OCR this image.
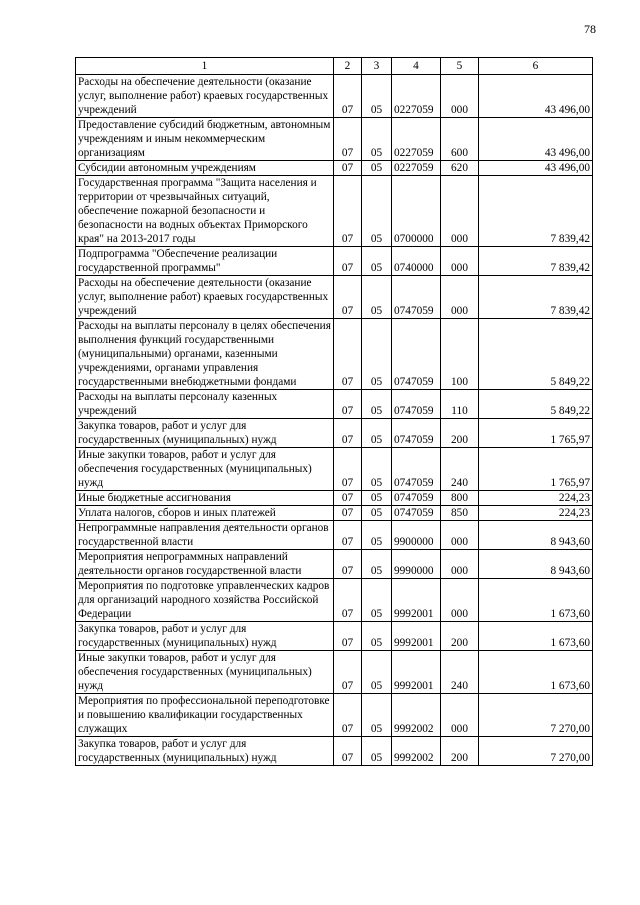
78
1	2	3	4	5	6
Расходы на обеспечение деятельности (оказание услуг, выполнение работ) краевых государственных учреждений	07	05	0227059	000	43 496,00
Предоставление субсидий бюджетным, автономным учреждениям и иным некоммерческим организациям	07	05	0227059	600	43 496,00
Субсидии автономным учреждениям	07	05	0227059	620	43 496,00
Государственная программа "Защита населения и территории от чрезвычайных ситуаций, обеспечение пожарной безопасности и безопасности на водных объектах Приморского края" на 2013-2017 годы	07	05	0700000	000	7 839,42
Подпрограмма "Обеспечение реализации государственной программы"	07	05	0740000	000	7 839,42
Расходы на обеспечение деятельности (оказание услуг, выполнение работ) краевых государственных учреждений	07	05	0747059	000	7 839,42
Расходы на выплаты персоналу в целях обеспечения выполнения функций государственными (муниципальными) органами, казенными учреждениями, органами управления государственными внебюджетными фондами	07	05	0747059	100	5 849,22
Расходы на выплаты персоналу казенных учреждений	07	05	0747059	110	5 849,22
Закупка товаров, работ и услуг для государственных (муниципальных) нужд	07	05	0747059	200	1 765,97
Иные закупки товаров, работ и услуг для обеспечения государственных (муниципальных) нужд	07	05	0747059	240	1 765,97
Иные бюджетные ассигнования	07	05	0747059	800	224,23
Уплата налогов, сборов и иных платежей	07	05	0747059	850	224,23
Непрограммные направления деятельности органов государственной власти	07	05	9900000	000	8 943,60
Мероприятия непрограммных направлений деятельности органов государственной власти	07	05	9990000	000	8 943,60
Мероприятия по подготовке управленческих кадров для организаций народного хозяйства Российской Федерации	07	05	9992001	000	1 673,60
Закупка товаров, работ и услуг для государственных (муниципальных) нужд	07	05	9992001	200	1 673,60
Иные закупки товаров, работ и услуг для обеспечения государственных (муниципальных) нужд	07	05	9992001	240	1 673,60
Мероприятия по профессиональной переподготовке и повышению квалификации государственных служащих	07	05	9992002	000	7 270,00
Закупка товаров, работ и услуг для государственных (муниципальных) нужд	07	05	9992002	200	7 270,00
